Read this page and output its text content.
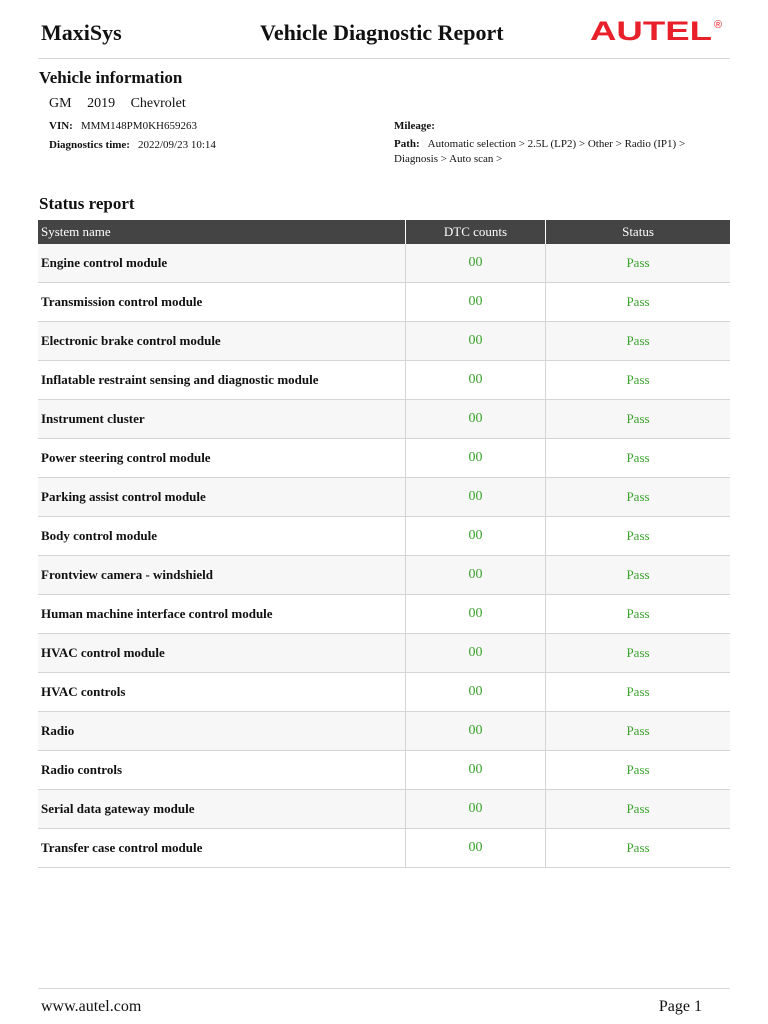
MaxiSys	Vehicle Diagnostic Report	AUTEL ®
Vehicle information
GM 2019 Chevrolet
VIN: MMM148PM0KH659263
Diagnostics time: 2022/09/23 10:14
Mileage:
Path: Automatic selection > 2.5L (LP2) > Other > Radio (IP1) > Diagnosis > Auto scan >
Status report
System name	DTC counts	Status
Engine control module	00	Pass
Transmission control module	00	Pass
Electronic brake control module	00	Pass
Inflatable restraint sensing and diagnostic module	00	Pass
Instrument cluster	00	Pass
Power steering control module	00	Pass
Parking assist control module	00	Pass
Body control module	00	Pass
Frontview camera - windshield	00	Pass
Human machine interface control module	00	Pass
HVAC control module	00	Pass
HVAC controls	00	Pass
Radio	00	Pass
Radio controls	00	Pass
Serial data gateway module	00	Pass
Transfer case control module	00	Pass
www.autel.com	Page 1
